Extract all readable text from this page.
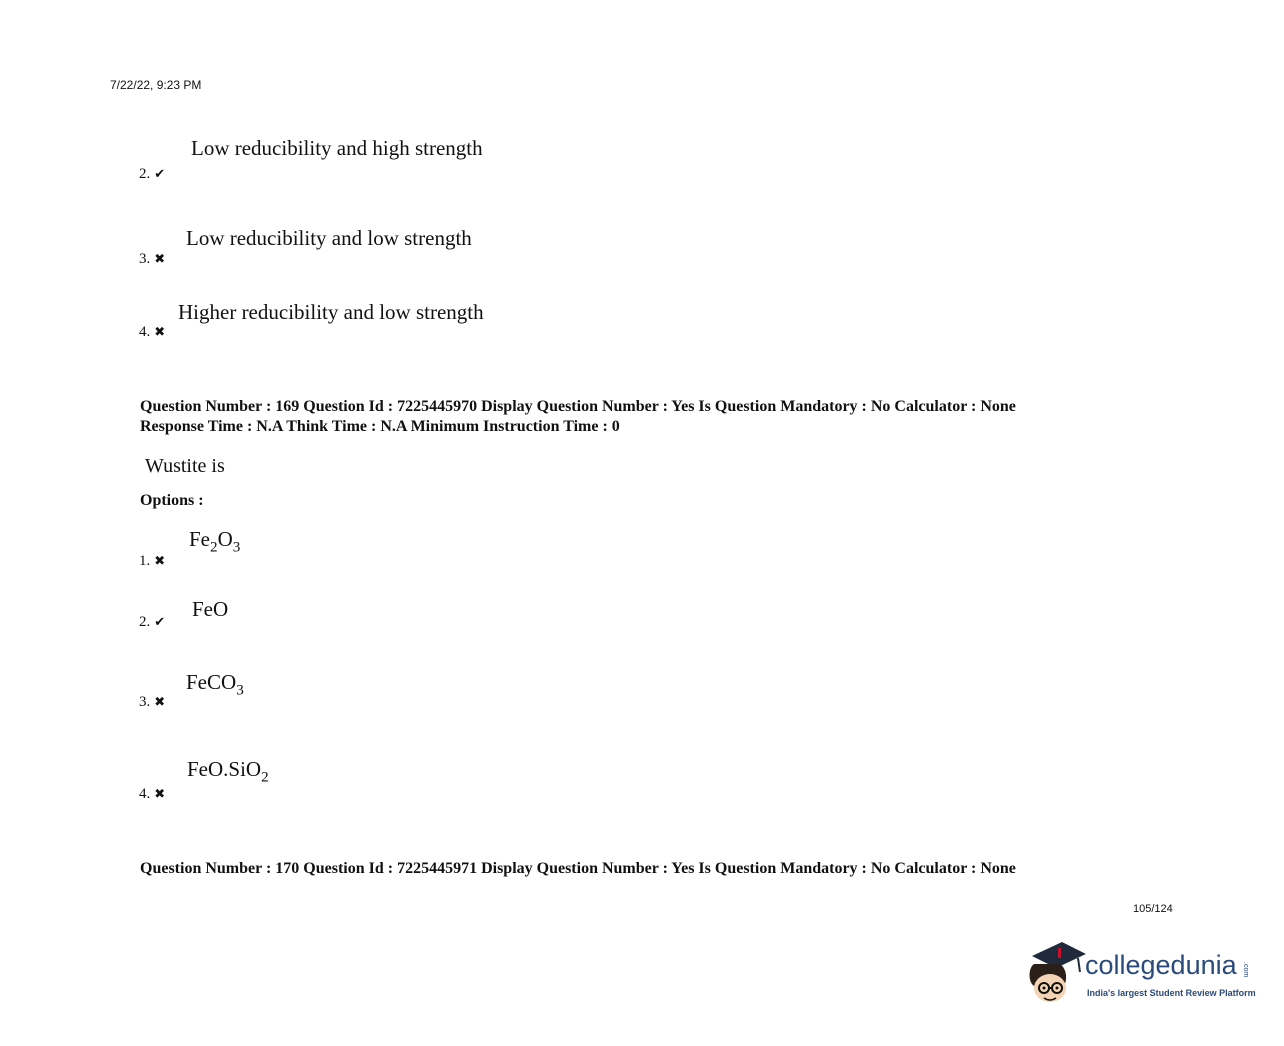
7/22/22, 9:23 PM
Low reducibility and high strength
2. ✔
Low reducibility and low strength
3. ✖
Higher reducibility and low strength
4. ✖
Question Number : 169 Question Id : 7225445970 Display Question Number : Yes Is Question Mandatory : No Calculator : None
Response Time : N.A Think Time : N.A Minimum Instruction Time : 0
Wustite is
Options :
$Fe_2O_3$
1. ✖
FeO
2. ✔
FeCO$_3$
3. ✖
FeO.SiO$_2$
4. ✖
Question Number : 170 Question Id : 7225445971 Display Question Number : Yes Is Question Mandatory : No Calculator : None
105/124
collegedunia .com
India's largest Student Review Platform
